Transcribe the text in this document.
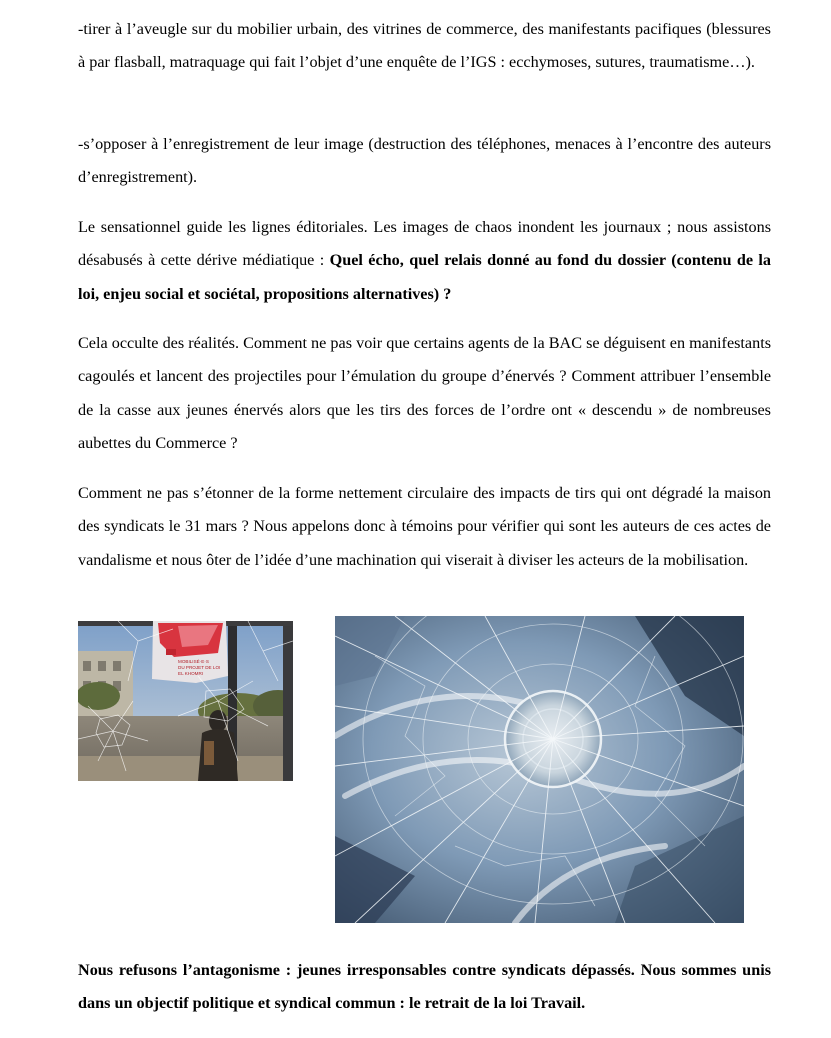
-tirer à l’aveugle sur du mobilier urbain, des vitrines de commerce, des manifestants pacifiques (blessures à par flasball, matraquage qui fait l’objet d’une enquête de l’IGS : ecchymoses, sutures, traumatisme…).

-s’opposer à l’enregistrement de leur image (destruction des téléphones, menaces à l’encontre des auteurs d’enregistrement).

Le sensationnel guide les lignes éditoriales. Les images de chaos inondent les journaux ; nous assistons désabusés à cette dérive médiatique : Quel écho, quel relais donné au fond du dossier (contenu de la loi, enjeu social et sociétal, propositions alternatives) ?

Cela occulte des réalités. Comment ne pas voir que certains agents de la BAC se déguisent en manifestants cagoulés et lancent des projectiles pour l’émulation du groupe d’énervés ? Comment attribuer l’ensemble de la casse aux jeunes énervés alors que les tirs des forces de l’ordre ont « descendu » de nombreuses aubettes du Commerce ?

Comment ne pas s’étonner de la forme nettement circulaire des impacts de tirs qui ont dégradé la maison des syndicats le 31 mars ? Nous appelons donc à témoins pour vérifier qui sont les auteurs de ces actes de vandalisme et nous ôter de l’idée d’une machination qui viserait à diviser les acteurs de la mobilisation.

MOBILISÉ·E·S
DU PROJET DE LOI
EL KHOMRI

Nous refusons l’antagonisme : jeunes irresponsables contre syndicats dépassés. Nous sommes unis dans un objectif politique et syndical commun : le retrait de la loi Travail.
